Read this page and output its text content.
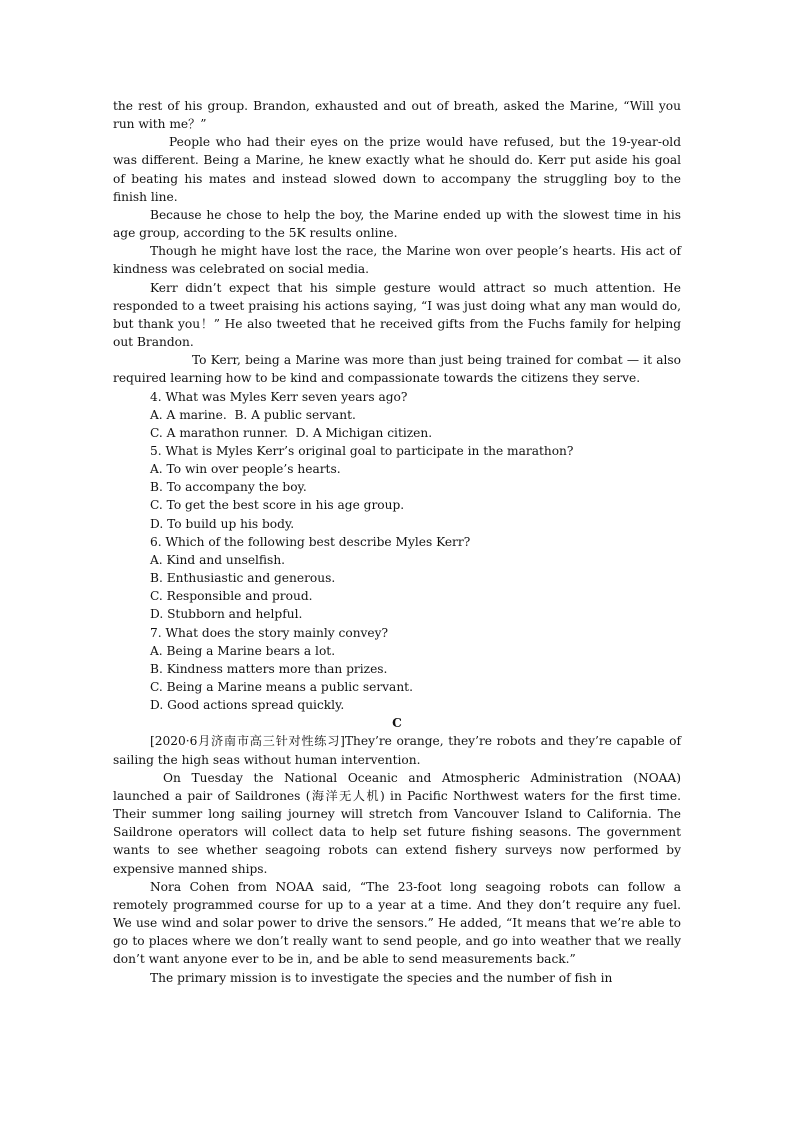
the rest of his group. Brandon, exhausted and out of breath, asked the Marine, “Will you run with me？”

People who had their eyes on the prize would have refused, but the 19-year-old was different. Being a Marine, he knew exactly what he should do. Kerr put aside his goal of beating his mates and instead slowed down to accompany the struggling boy to the finish line.

Because he chose to help the boy, the Marine ended up with the slowest time in his age group, according to the 5K results online.

Though he might have lost the race, the Marine won over people’s hearts. His act of kindness was celebrated on social media.

Kerr didn’t expect that his simple gesture would attract so much attention. He responded to a tweet praising his actions saying, “I was just doing what any man would do, but thank you！” He also tweeted that he received gifts from the Fuchs family for helping out Brandon.

To Kerr, being a Marine was more than just being trained for combat — it also required learning how to be kind and compassionate towards the citizens they serve.

4. What was Myles Kerr seven years ago?

A. A marine.  B. A public servant.

C. A marathon runner.  D. A Michigan citizen.

5. What is Myles Kerr’s original goal to participate in the marathon?

A. To win over people’s hearts.

B. To accompany the boy.

C. To get the best score in his age group.

D. To build up his body.

6. Which of the following best describe Myles Kerr?

A. Kind and unselfish.

B. Enthusiastic and generous.

C. Responsible and proud.

D. Stubborn and helpful.

7. What does the story mainly convey?

A. Being a Marine bears a lot.

B. Kindness matters more than prizes.

C. Being a Marine means a public servant.

D. Good actions spread quickly.

C

[2020·6月济南市高三针对性练习]They’re orange, they’re robots and they’re capable of sailing the high seas without human intervention.

On Tuesday the National Oceanic and Atmospheric Administration (NOAA) launched a pair of Saildrones (海洋无人机) in Pacific Northwest waters for the first time. Their summer long sailing journey will stretch from Vancouver Island to California. The Saildrone operators will collect data to help set future fishing seasons. The government wants to see whether seagoing robots can extend fishery surveys now performed by expensive manned ships.

Nora Cohen from NOAA said, “The 23-foot long seagoing robots can follow a remotely programmed course for up to a year at a time. And they don’t require any fuel. We use wind and solar power to drive the sensors.” He added, “It means that we’re able to go to places where we don’t really want to send people, and go into weather that we really don’t want anyone ever to be in, and be able to send measurements back.”

The primary mission is to investigate the species and the number of fish in
